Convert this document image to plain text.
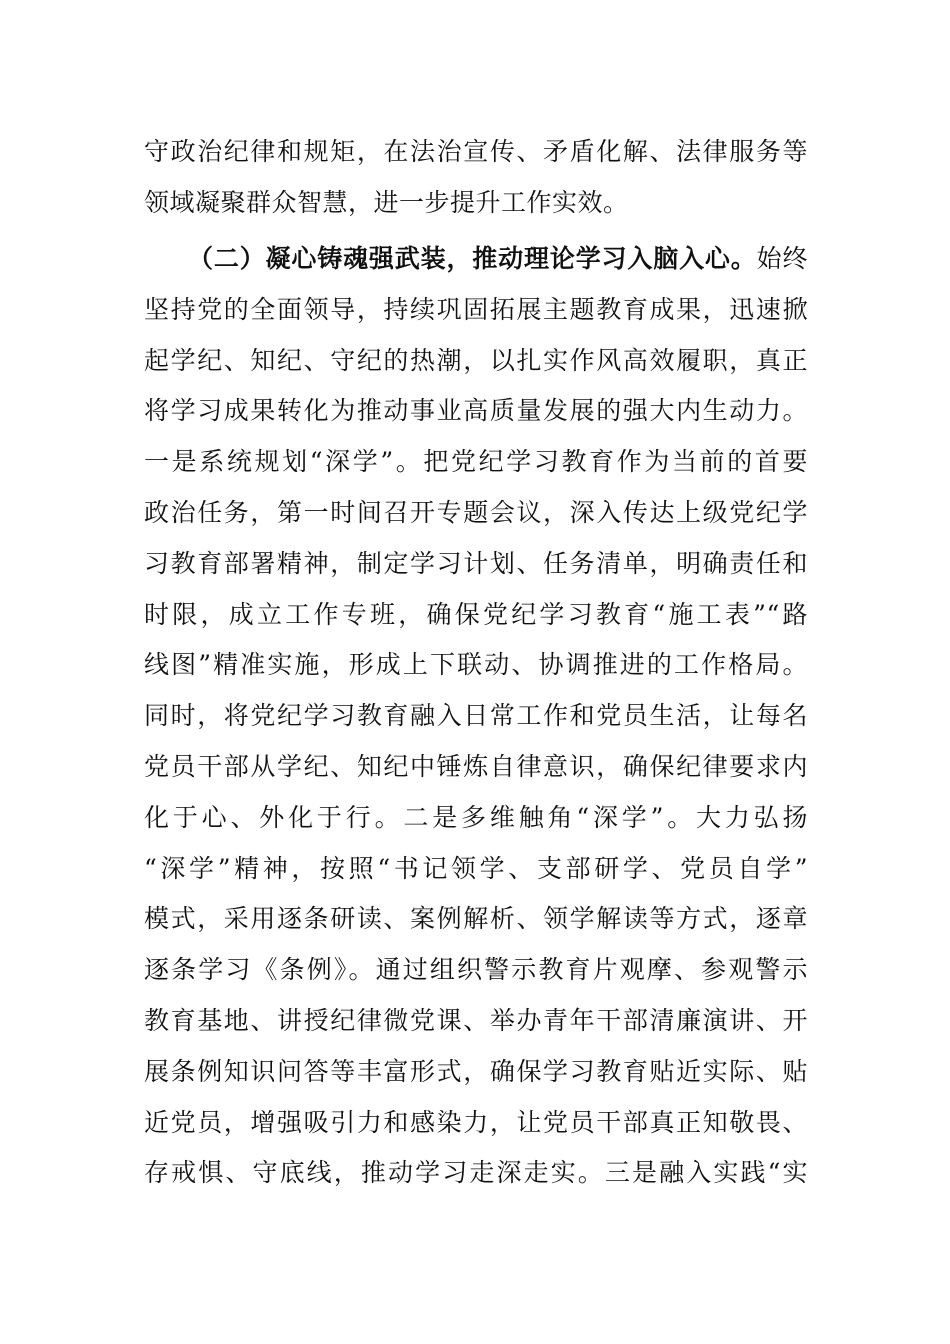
守政治纪律和规矩，在法治宣传、矛盾化解、法律服务等
领域凝聚群众智慧，进一步提升工作实效。
（二）凝心铸魂强武装，推动理论学习入脑入心。始终
坚持党的全面领导，持续巩固拓展主题教育成果，迅速掀
起学纪、知纪、守纪的热潮，以扎实作风高效履职，真正
将学习成果转化为推动事业高质量发展的强大内生动力。
一是系统规划“深学”。把党纪学习教育作为当前的首要
政治任务，第一时间召开专题会议，深入传达上级党纪学
习教育部署精神，制定学习计划、任务清单，明确责任和
时限，成立工作专班，确保党纪学习教育“施工表”“路
线图”精准实施，形成上下联动、协调推进的工作格局。
同时，将党纪学习教育融入日常工作和党员生活，让每名
党员干部从学纪、知纪中锤炼自律意识，确保纪律要求内
化于心、外化于行。二是多维触角“深学”。大力弘扬
“深学”精神，按照“书记领学、支部研学、党员自学”
模式，采用逐条研读、案例解析、领学解读等方式，逐章
逐条学习《条例》。通过组织警示教育片观摩、参观警示
教育基地、讲授纪律微党课、举办青年干部清廉演讲、开
展条例知识问答等丰富形式，确保学习教育贴近实际、贴
近党员，增强吸引力和感染力，让党员干部真正知敬畏、
存戒惧、守底线，推动学习走深走实。三是融入实践“实
